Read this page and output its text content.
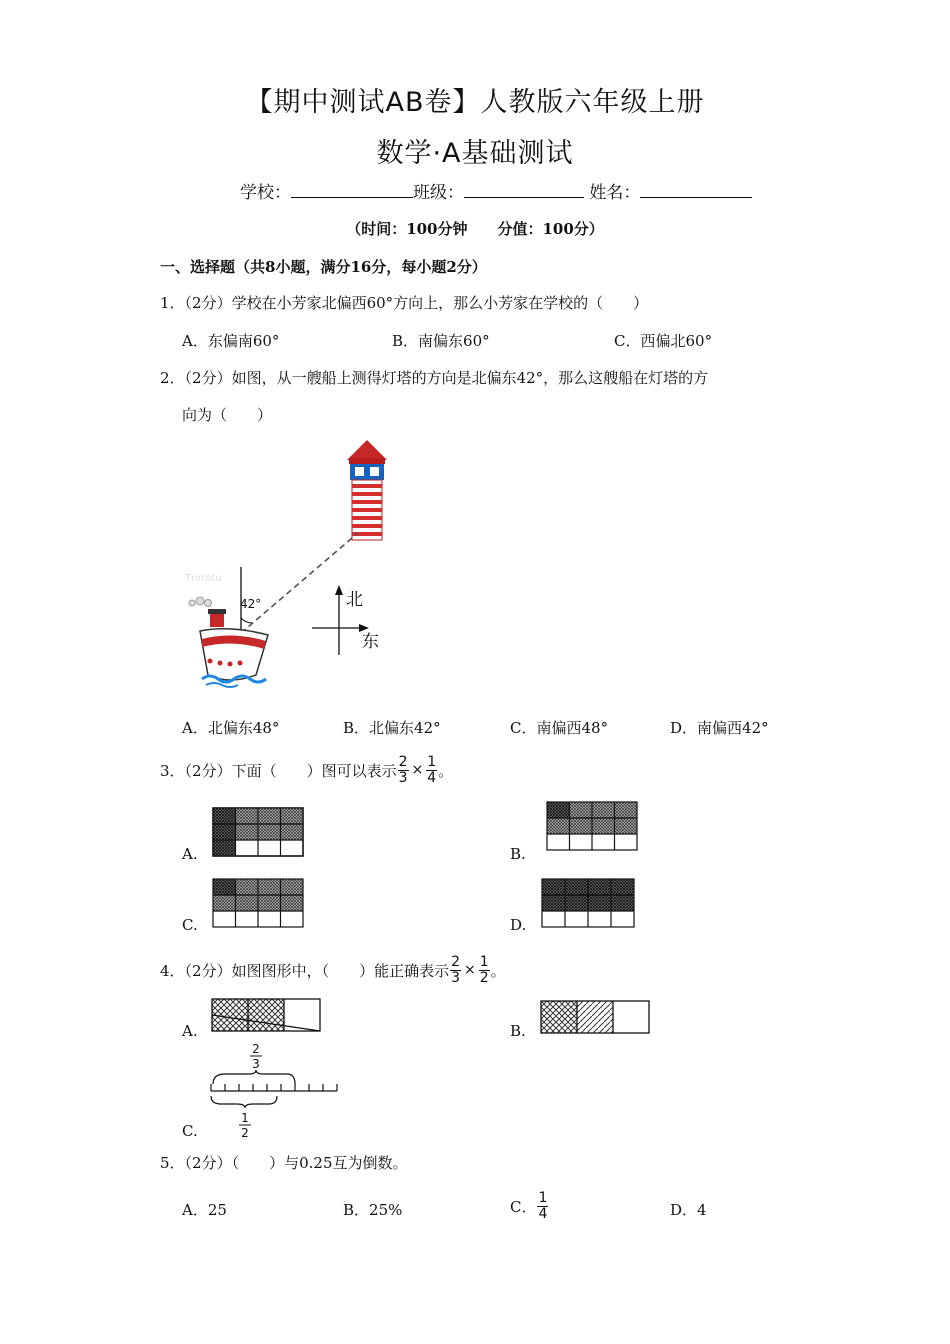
【期中测试AB卷】人教版六年级上册
数学·A基础测试
学校：	班级：	姓名：
（时间：100分钟　　分值：100分）
一、选择题（共8小题，满分16分，每小题2分）
1．（2分）学校在小芳家北偏西60°方向上，那么小芳家在学校的（　　）
A．东偏南60°	B．南偏东60°	C．西偏北60°
2．（2分）如图，从一艘船上测得灯塔的方向是北偏东42°，那么这艘船在灯塔的方
向为（　　）
Tnrrotu
42°	北
东
A．北偏东48°	B．北偏东42°	C．南偏西48°	D．南偏西42°
3．（2分）下面（　　）图可以表示 $\frac{2}{3} \times \frac{1}{4}$ 。
A.	B.
C.	D.
4．（2分）如图图形中，（　　）能正确表示 $\frac{2}{3} \times \frac{1}{2}$ 。
A.	B.
C.
2
3
1
2
5．（2分）（　　）与0.25互为倒数。
A．25	B．25%	C． $\frac{1}{4}$	D．4
